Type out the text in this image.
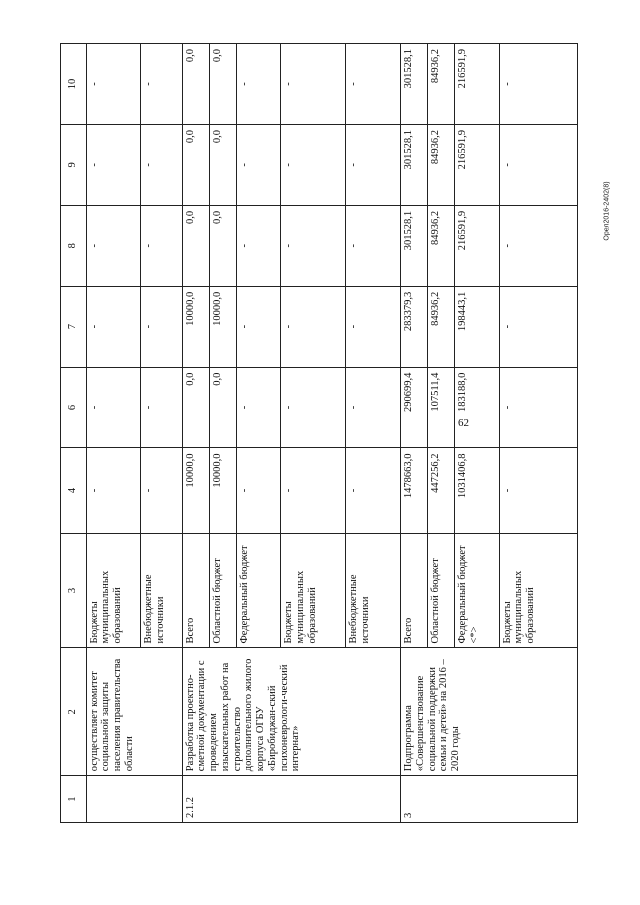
62
Орел2016-2402(8)
1	2	3	4	6	7	8	9	10
	осуществляет комитет социальной защиты населения правительства области	Бюджеты муниципальных образований	-	-	-	-	-	-
		Внебюджетные источники	-	-	-	-	-	-
2.1.2	Разработка проектно-сметной документации с проведением изыскательных работ на строительство дополнительного жилого корпуса ОГБУ «Биробиджан-ский психоневрологи-ческий интернат»	Всего	10000,0	0,0	10000,0	0,0	0,0	0,0
		Областной бюджет	10000,0	0,0	10000,0	0,0	0,0	0,0
		Федеральный бюджет	-	-	-	-	-	-
		Бюджеты муниципальных образований	-	-	-	-	-	-
		Внебюджетные источники	-	-	-	-	-	-
3	Подпрограмма «Совершенствование социальной поддержки семьи и детей» на 2016 – 2020 годы	Всего	1478663,0	290699,4	283379,3	301528,1	301528,1	301528,1
		Областной бюджет	447256,2	107511,4	84936,2	84936,2	84936,2	84936,2
		Федеральный бюджет <*>	1031406,8	183188,0	198443,1	216591,9	216591,9	216591,9
		Бюджеты муниципальных образований	-	-	-	-	-	-
